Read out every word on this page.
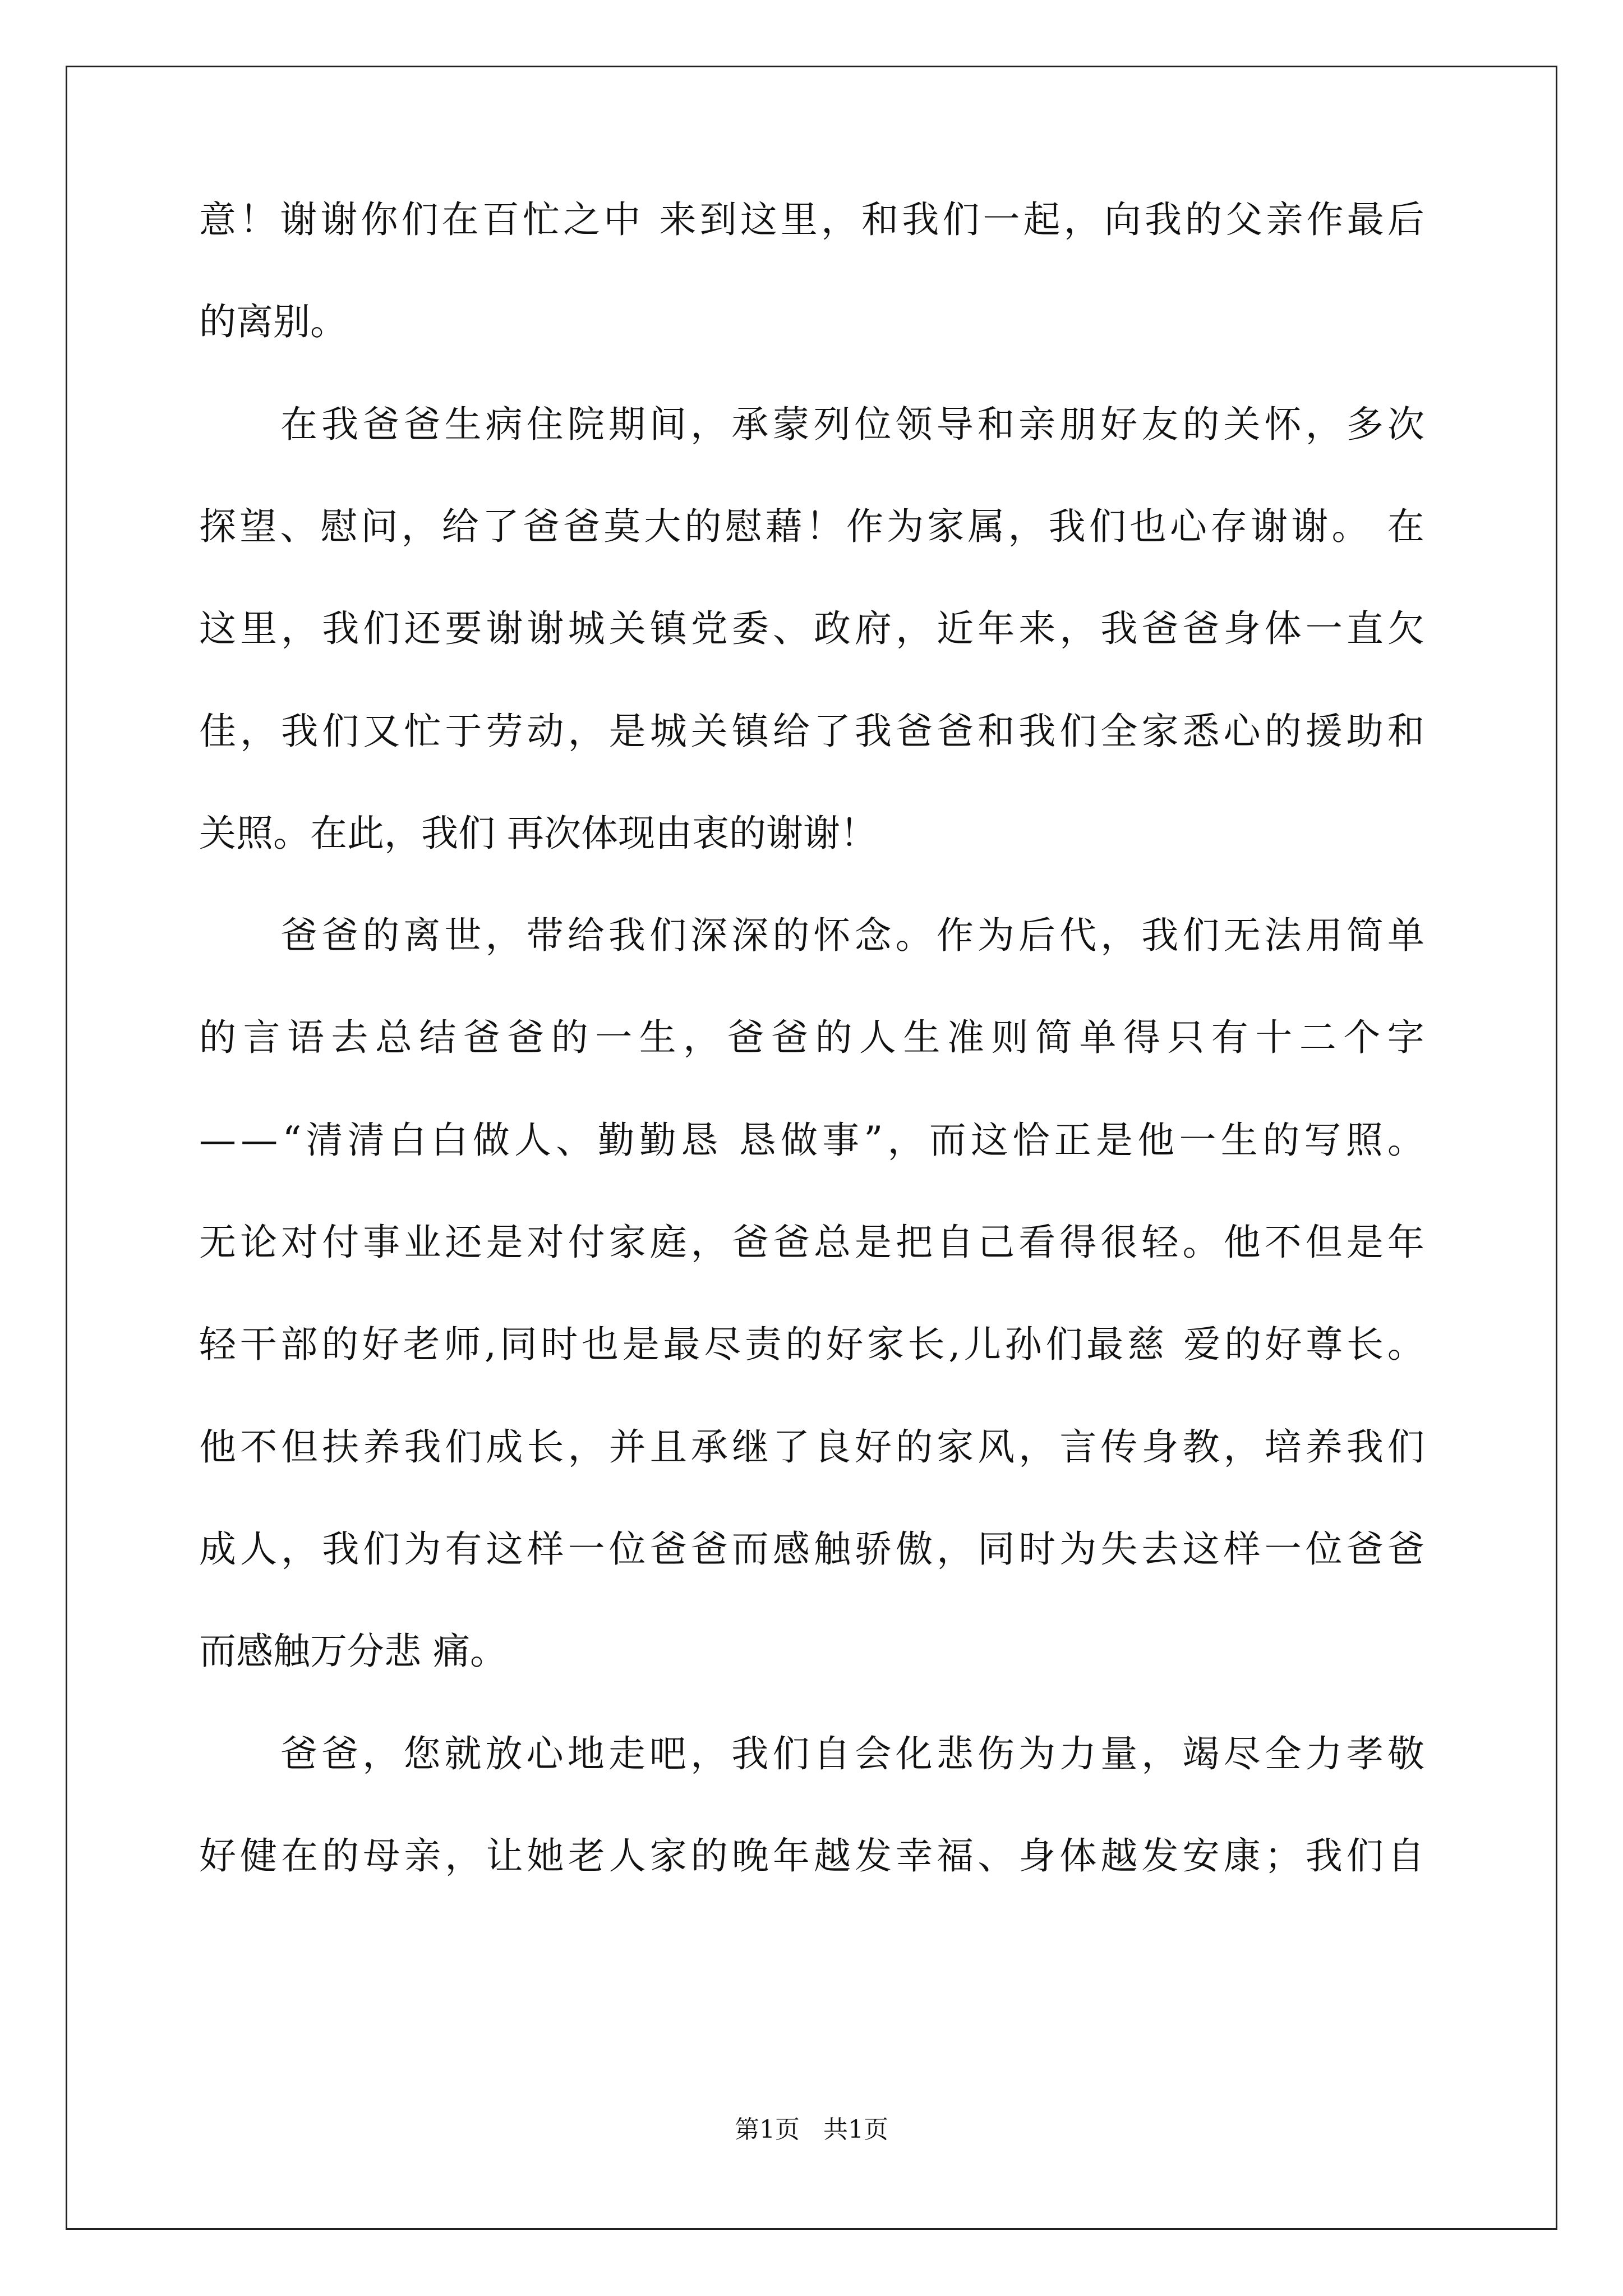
意 ！ 谢 谢 你 们 在 百 忙 之 中
来 到 这 里 ， 和 我 们 一 起 ， 向 我 的 父 亲 作 最 后
的离别。
在 我 爸 爸 生 病 住 院 期 间 ， 承 蒙 列 位 领 导 和 亲 朋 好 友 的 关 怀 ， 多 次
探 望 、 慰 问 ， 给 了 爸 爸 莫 大 的 慰 藉 ！ 作 为 家 属 ， 我 们 也 心 存 谢 谢 。
在
这 里 ， 我 们 还 要 谢 谢 城 关 镇 党 委 、 政 府 ， 近 年 来 ， 我 爸 爸 身 体 一 直 欠
佳 ， 我 们 又 忙 于 劳 动 ， 是 城 关 镇 给 了 我 爸 爸 和 我 们 全 家 悉 心 的 援 助 和
关照。在此，我们 再次体现由衷的谢谢！
爸 爸 的 离 世 ， 带 给 我 们 深 深 的 怀 念 。 作 为 后 代 ， 我 们 无 法 用 简 单
的 言 语 去 总 结 爸 爸 的 一 生 ， 爸 爸 的 人 生 准 则 简 单 得 只 有 十 二 个 字
— — “ 清 清 白 白 做 人 、 勤 勤 恳
恳 做 事 ” ， 而 这 恰 正 是 他 一 生 的 写 照 。
无 论 对 付 事 业 还 是 对 付 家 庭 ， 爸 爸 总 是 把 自 己 看 得 很 轻 。 他 不 但 是 年
轻 干 部 的 好 老 师 , 同 时 也 是 最 尽 责 的 好 家 长 , 儿 孙 们 最 慈
爱 的 好 尊 长 。
他 不 但 扶 养 我 们 成 长 ， 并 且 承 继 了 良 好 的 家 风 ， 言 传 身 教 ， 培 养 我 们
成 人 ， 我 们 为 有 这 样 一 位 爸 爸 而 感 触 骄 傲 ， 同 时 为 失 去 这 样 一 位 爸 爸
而感触万分悲 痛。
爸 爸 ， 您 就 放 心 地 走 吧 ， 我 们 自 会 化 悲 伤 为 力 量 ， 竭 尽 全 力 孝 敬
好 健 在 的 母 亲 ， 让 她 老 人 家 的 晚 年 越 发 幸 福 、 身 体 越 发 安 康 ； 我 们 自
第1页 共1页
